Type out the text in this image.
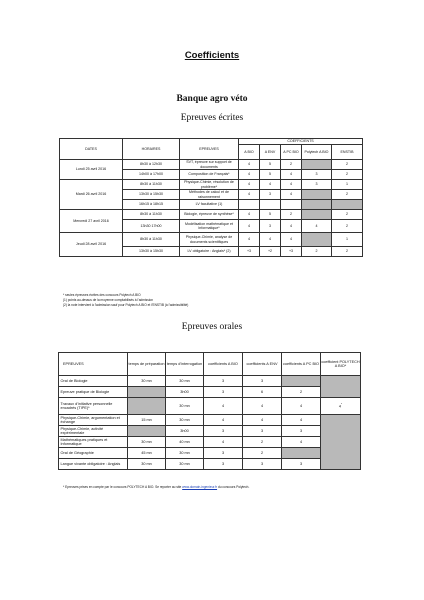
Coefficients
Banque agro véto
Epreuves écrites
DATES	HORAIRES	EPREUVES	COEFFICIENTS				
			A BIO	A ENV	A PC BIO	Polytech A BIO	ENSTIB
Lundi 25 avril 2016	8h30 à 12h30	SVT, épreuve sur support de documents	4	5	2		2
	14h00 à 17h00	Composition de Français*	4	5	4	3	2
Mardi 26 avril 2016	8h30 à 11h30	Physique-Chimie, résolution de problème*	4	4	4	3	1
	13h30 à 15h30	Méthodes de calcul et de raisonnement	4	3	4		2
	16h15 à 18h15	LV facultative (1)					
Mercredi 27 avril 2016	8h30 à 11h30	Biologie, épreuve de synthèse*	4	5	2		2
	13h30 17h00	Modélisation mathématique et Informatique*	4	3	4	4	2
Jeudi 28 avril 2016	8h30 à 11h30	Physique-Chimie, analyse de documents scientifiques	4	4	4		1
	13h30 à 15h30	LV obligatoire : Anglais* (2)	+3	+2	+3	2	2
* seules épreuves écrites des concours Polytech A BIO
(1) points au-dessus de la moyenne comptabilisés à l'admission
(2) la note intervient à l'admission sauf pour Polytech A BIO et l'ENSTIB (à l'admissibilité)
Epreuves orales
EPREUVES	temps de préparation	temps d'interrogation	coefficients A BIO	coefficients A ENV	coefficients A PC BIO	coefficient POLYTECH A BIO*
Oral de Biologie	30 mn	30 mn	3	3		
Epreuve pratique de Biologie		3h00	3	6	2	
Travaux d'initiative personnelle encadrés (TIPE)*		30 mn	4	4	4	4*
Physique-Chimie, argumentation et échange	15 mn	30 mn	4	4	4	
Physique-Chimie, activité expérimentale		3h00	3	3	3	
Mathématiques pratiques et Informatique	30 mn	40 mn	4	2	4	
Oral de Géographie	45 mn	30 mn	3	2		
Langue vivante obligatoire : Anglais	30 mn	30 mn	3	3	3	
* Epreuves prises en compte par le concours POLYTECH A BIO. Se reporter au site www.domain-ingenieur.fr du concours Polytech.
